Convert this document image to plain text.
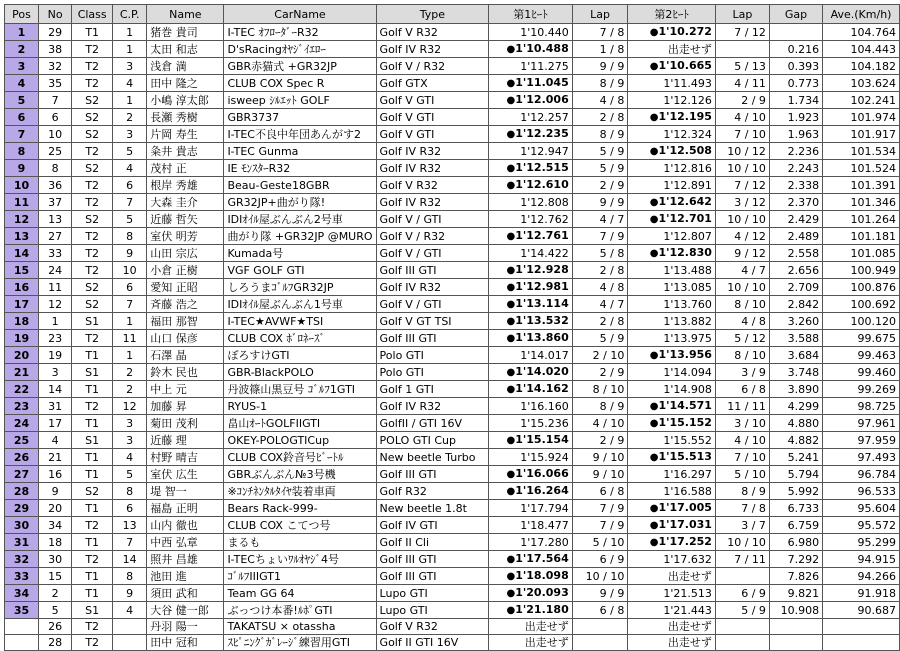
Pos	No	Class	C.P.	Name	CarName	Type	第1ﾋｰﾄ	Lap	第2ﾋｰﾄ	Lap	Gap	Ave.(Km/h)
1	29	T1	1	猪巻 貴司	I-TEC ｵﾌﾛｰﾀﾞｰR32	Golf V R32	1'10.440	7 / 8	●1'10.272	7 / 12		104.764
2	38	T2	1	太田 和志	D'sRacingｵﾔｼﾞｲｴﾛｰ	Golf IV R32	●1'10.488	1 / 8	出走せず		0.216	104.443
3	32	T2	3	浅倉 満	GBR赤猫式 +GR32JP	Golf V / R32	1'11.275	9 / 9	●1'10.665	5 / 13	0.393	104.182
4	35	T2	4	田中 隆之	CLUB COX Spec R	Golf GTX	●1'11.045	8 / 9	1'11.493	4 / 11	0.773	103.624
5	7	S2	1	小嶋 淳太郎	isweep ｼﾙｴｯﾄ GOLF	Golf V GTI	●1'12.006	4 / 8	1'12.126	2 / 9	1.734	102.241
6	6	S2	2	長瀬 秀樹	GBR3737	Golf V GTI	1'12.257	2 / 8	●1'12.195	4 / 10	1.923	101.974
7	10	S2	3	片岡 寿生	I-TEC不良中年団あんがす2	Golf V GTI	●1'12.235	8 / 9	1'12.324	7 / 10	1.963	101.917
8	25	T2	5	粂井 貴志	I-TEC Gunma	Golf IV R32	1'12.947	5 / 9	●1'12.508	10 / 12	2.236	101.534
9	8	S2	4	茂村 正	IE ﾓﾝｽﾀｰR32	Golf IV R32	●1'12.515	5 / 9	1'12.816	10 / 10	2.243	101.524
10	36	T2	6	根岸 秀雄	Beau-Geste18GBR	Golf V R32	●1'12.610	2 / 9	1'12.891	7 / 12	2.338	101.391
11	37	T2	7	大森 圭介	GR32JP+曲がり隊!	Golf IV R32	1'12.808	9 / 9	●1'12.642	3 / 12	2.370	101.346
12	13	S2	5	近藤 哲矢	IDIｵｲﾙ屋ぶんぶん2号車	Golf V / GTI	1'12.762	4 / 7	●1'12.701	10 / 10	2.429	101.264
13	27	T2	8	室伏 明芳	曲がり隊 +GR32JP @MURO	Golf V / R32	●1'12.761	7 / 9	1'12.807	4 / 12	2.489	101.181
14	33	T2	9	山田 宗広	Kumada号	Golf V / GTI	1'14.422	5 / 8	●1'12.830	9 / 12	2.558	101.085
15	24	T2	10	小倉 正樹	VGF GOLF GTI	Golf III GTI	●1'12.928	2 / 8	1'13.488	4 / 7	2.656	100.949
16	11	S2	6	愛知 正昭	しろうまｺﾞﾙﾌGR32JP	Golf IV R32	●1'12.981	4 / 8	1'13.085	10 / 10	2.709	100.876
17	12	S2	7	斉藤 浩之	IDIｵｲﾙ屋ぶんぶん1号車	Golf V / GTI	●1'13.114	4 / 7	1'13.760	8 / 10	2.842	100.692
18	1	S1	1	福田 那智	I-TEC★AVWF★TSI	Golf V GT TSI	●1'13.532	2 / 8	1'13.882	4 / 8	3.260	100.120
19	23	T2	11	山口 保彦	CLUB COX ﾎﾞﾛﾈｰｽﾞ	Golf III GTI	●1'13.860	5 / 9	1'13.975	5 / 12	3.588	99.675
20	19	T1	1	石澤 晶	ぼろすけGTI	Polo GTI	1'14.017	2 / 10	●1'13.956	8 / 10	3.684	99.463
21	3	S1	2	鈴木 民也	GBR-BlackPOLO	Polo GTI	●1'14.020	2 / 9	1'14.094	3 / 9	3.748	99.460
22	14	T1	2	中上 元	丹波篠山黒豆号 ｺﾞﾙﾌ1GTI	Golf 1 GTI	●1'14.162	8 / 10	1'14.908	6 / 8	3.890	99.269
23	31	T2	12	加藤 昇	RYUS-1	Golf IV R32	1'16.160	8 / 9	●1'14.571	11 / 11	4.299	98.725
24	17	T1	3	菊田 茂利	畠山ｵｰﾄGOLFIIGTI	GolfII / GTI 16V	1'15.236	4 / 10	●1'15.152	3 / 10	4.880	97.961
25	4	S1	3	近藤 理	OKEY-POLOGTICup	POLO GTI Cup	●1'15.154	2 / 9	1'15.552	4 / 10	4.882	97.959
26	21	T1	4	村野 晴吉	CLUB COX鈴音号ﾋﾞｰﾄﾙ	New beetle Turbo	1'15.924	9 / 10	●1'15.513	7 / 10	5.241	97.493
27	16	T1	5	室伏 広生	GBRぶんぶん№3号機	Golf III GTI	●1'16.066	9 / 10	1'16.297	5 / 10	5.794	96.784
28	9	S2	8	堤 智一	※ｺﾝﾁﾈﾝﾀﾙﾀｲﾔ装着車両	Golf R32	●1'16.264	6 / 8	1'16.588	8 / 9	5.992	96.533
29	20	T1	6	福島 正明	Bears Rack-999-	New beetle 1.8t	1'17.794	7 / 9	●1'17.005	7 / 8	6.733	95.604
30	34	T2	13	山内 徹也	CLUB COX こてつ号	Golf IV GTI	1'18.477	7 / 9	●1'17.031	3 / 7	6.759	95.572
31	18	T1	7	中西 弘章	まるも	Golf II Cli	1'17.280	5 / 10	●1'17.252	10 / 10	6.980	95.299
32	30	T2	14	照井 昌雄	I-TECちょいﾜﾙｵﾔｼﾞ4号	Golf III GTI	●1'17.564	6 / 9	1'17.632	7 / 11	7.292	94.915
33	15	T1	8	池田 進	ｺﾞﾙﾌIIIGT1	Golf III GTI	●1'18.098	10 / 10	出走せず		7.826	94.266
34	2	T1	9	須田 武和	Team GG 64	Lupo GTI	●1'20.093	9 / 9	1'21.513	6 / 9	9.821	91.918
35	5	S1	4	大谷 健一郎	ぶっつけ本番!ﾙﾎﾟGTI	Lupo GTI	●1'21.180	6 / 8	1'21.443	5 / 9	10.908	90.687
	26	T2		丹羽 陽一	TAKATSU × otassha	Golf V R32	出走せず		出走せず			
	28	T2		田中 冠和	ｽﾋﾟﾆﾝｸﾞｶﾞﾚｰｼﾞ練習用GTI	Golf II GTI 16V	出走せず		出走せず			
